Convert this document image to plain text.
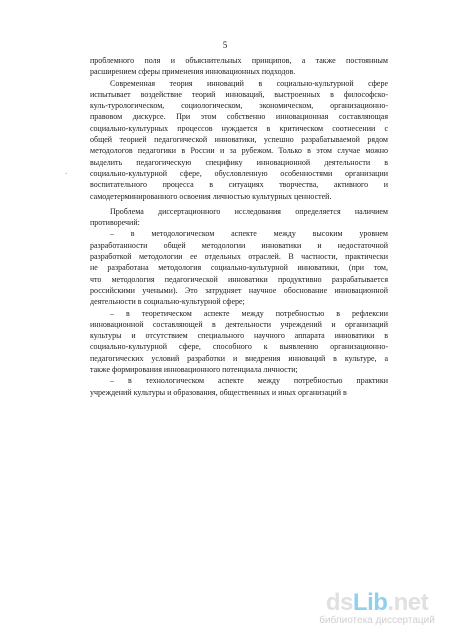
5
·
проблемного поля и объяснительных принципов, а также постоянным
расширением сферы применения инновационных подходов.
Современная теория инноваций в социально-культурной сфере
испытывает воздействие теорий инноваций, выстроенных в философско-
куль-турологическом, социологическом, экономическом, организационно-
правовом дискурсе. При этом собственно инновационная составляющая
социально-культурных процессов нуждается в критическом соотнесении с
общей теорией педагогической инноватики, успешно разрабатываемой рядом
методологов педагогики в России и за рубежом. Только в этом случае можно
выделить педагогическую специфику инновационной деятельности в
социально-культурной сфере, обусловленную особенностями организации
воспитательного процесса в ситуациях творчества, активного и
самодетерминированного освоения личностью культурных ценностей.
Проблема диссертационного исследования определяется наличием
противоречий:
– в методологическом аспекте между высоким уровнем
разработанности общей методологии инноватики и недостаточной
разработкой методологии ее отдельных отраслей. В частности, практически
не разработана методология социально-культурной инноватики, (при том,
что методология педагогической инноватики продуктивно разрабатывается
российскими учеными). Это затрудняет научное обоснование инновационной
деятельности в социально-культурной сфере;
– в теоретическом аспекте между потребностью в рефлексии
инновационной составляющей в деятельности учреждений и организаций
культуры и отсутствием специального научного аппарата инноватики в
социально-культурной сфере, способного к выявлению организационно-
педагогических условий разработки и внедрения инноваций в культуре, а
также формирования инновационного потенциала личности;
– в технологическом аспекте между потребностью практики
учреждений культуры и образования, общественных и иных организаций в
dsLib.net
библиотека диссертаций
